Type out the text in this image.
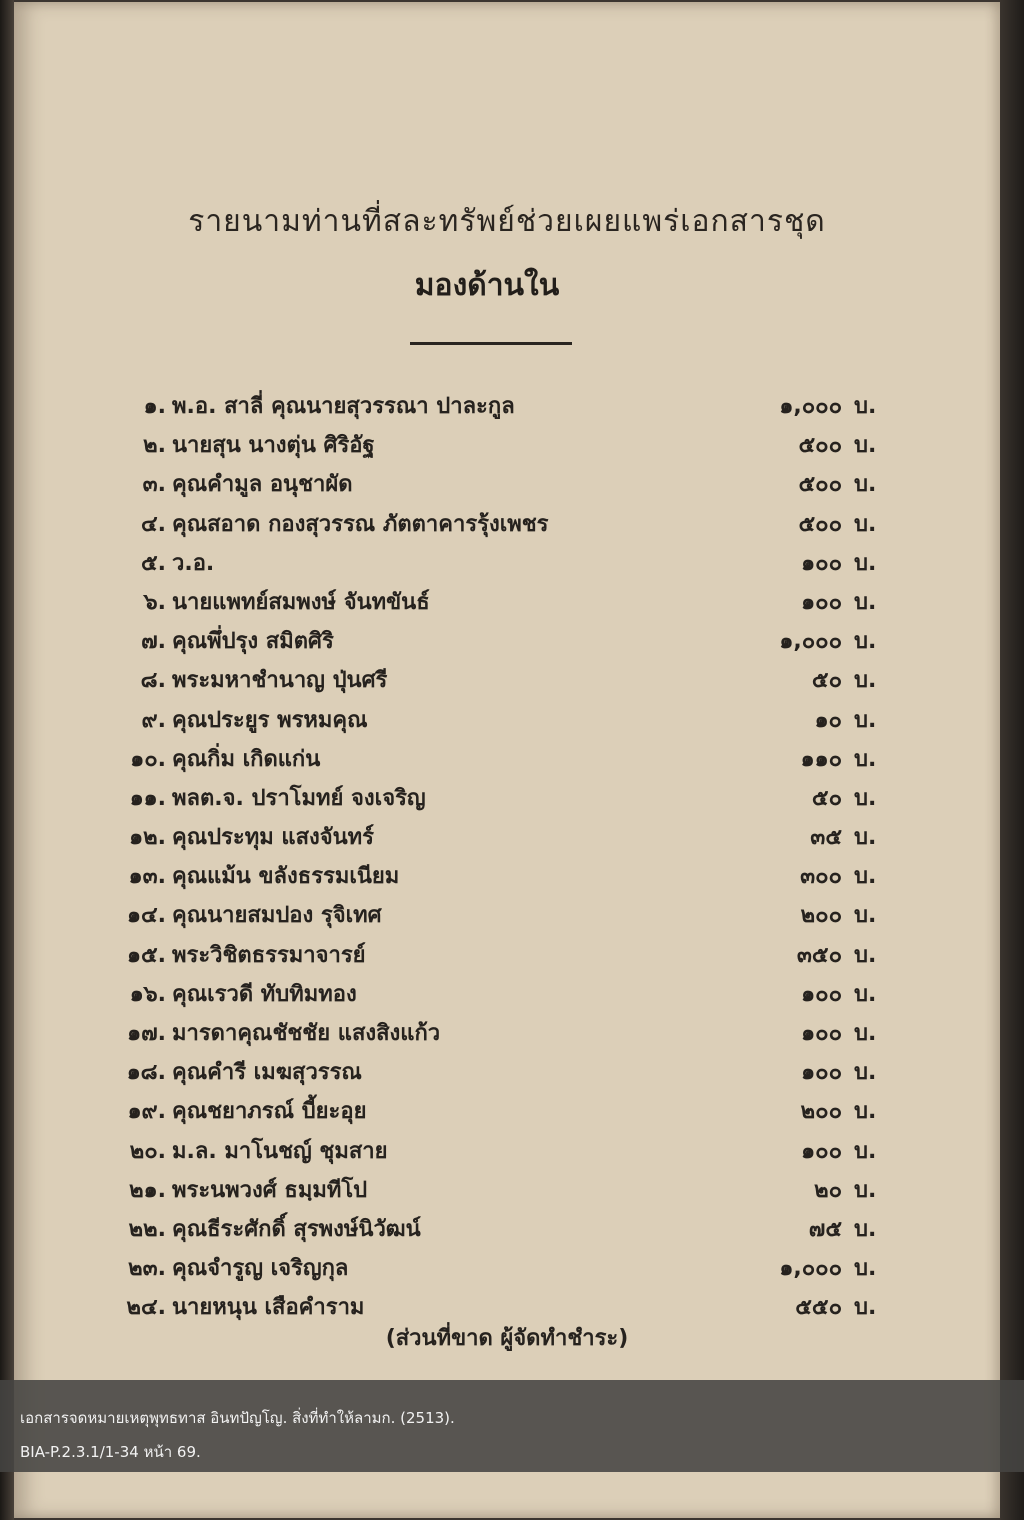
รายนามท่านที่สละทรัพย์ช่วยเผยแพร่เอกสารชุด
มองด้านใน
๑. พ.อ. สาลี่ คุณนายสุวรรณา ปาละกูล	๑,๐๐๐ บ.
๒. นายสุน นางตุ่น ศิริอัฐ	๕๐๐ บ.
๓. คุณคำมูล อนุชาผัด	๕๐๐ บ.
๔. คุณสอาด กองสุวรรณ ภัตตาคารรุ้งเพชร	๕๐๐ บ.
๕. ว.อ.	๑๐๐ บ.
๖. นายแพทย์สมพงษ์ จันทขันธ์	๑๐๐ บ.
๗. คุณพึ่ปรุง สมิตศิริ	๑,๐๐๐ บ.
๘. พระมหาชำนาญ ปุ่นศรี	๕๐ บ.
๙. คุณประยูร พรหมคุณ	๑๐ บ.
๑๐. คุณกิ่ม เกิดแก่น	๑๑๐ บ.
๑๑. พลต.จ. ปราโมทย์ จงเจริญ	๕๐ บ.
๑๒. คุณประทุม แสงจันทร์	๓๕ บ.
๑๓. คุณแม้น ขลังธรรมเนียม	๓๐๐ บ.
๑๔. คุณนายสมปอง รุจิเทศ	๒๐๐ บ.
๑๕. พระวิชิตธรรมาจารย์	๓๕๐ บ.
๑๖. คุณเรวดี ทับทิมทอง	๑๐๐ บ.
๑๗. มารดาคุณชัชชัย แสงสิงแก้ว	๑๐๐ บ.
๑๘. คุณคำรี เมฆสุวรรณ	๑๐๐ บ.
๑๙. คุณชยาภรณ์ บี้ยะอุย	๒๐๐ บ.
๒๐. ม.ล. มาโนชญ์ ชุมสาย	๑๐๐ บ.
๒๑. พระนพวงศ์ ธมฺมทีโป	๒๐ บ.
๒๒. คุณธีระศักดิ์ สุรพงษ์นิวัฒน์	๗๕ บ.
๒๓. คุณจำรูญ เจริญกุล	๑,๐๐๐ บ.
๒๔. นายหนุน เสือคำราม	๕๕๐ บ.
(ส่วนที่ขาด ผู้จัดทำชำระ)
เอกสารจดหมายเหตุพุทธทาส อินทปัญโญ. สิ่งที่ทำให้ลามก. (2513).
BIA-P.2.3.1/1-34 หน้า 69.
